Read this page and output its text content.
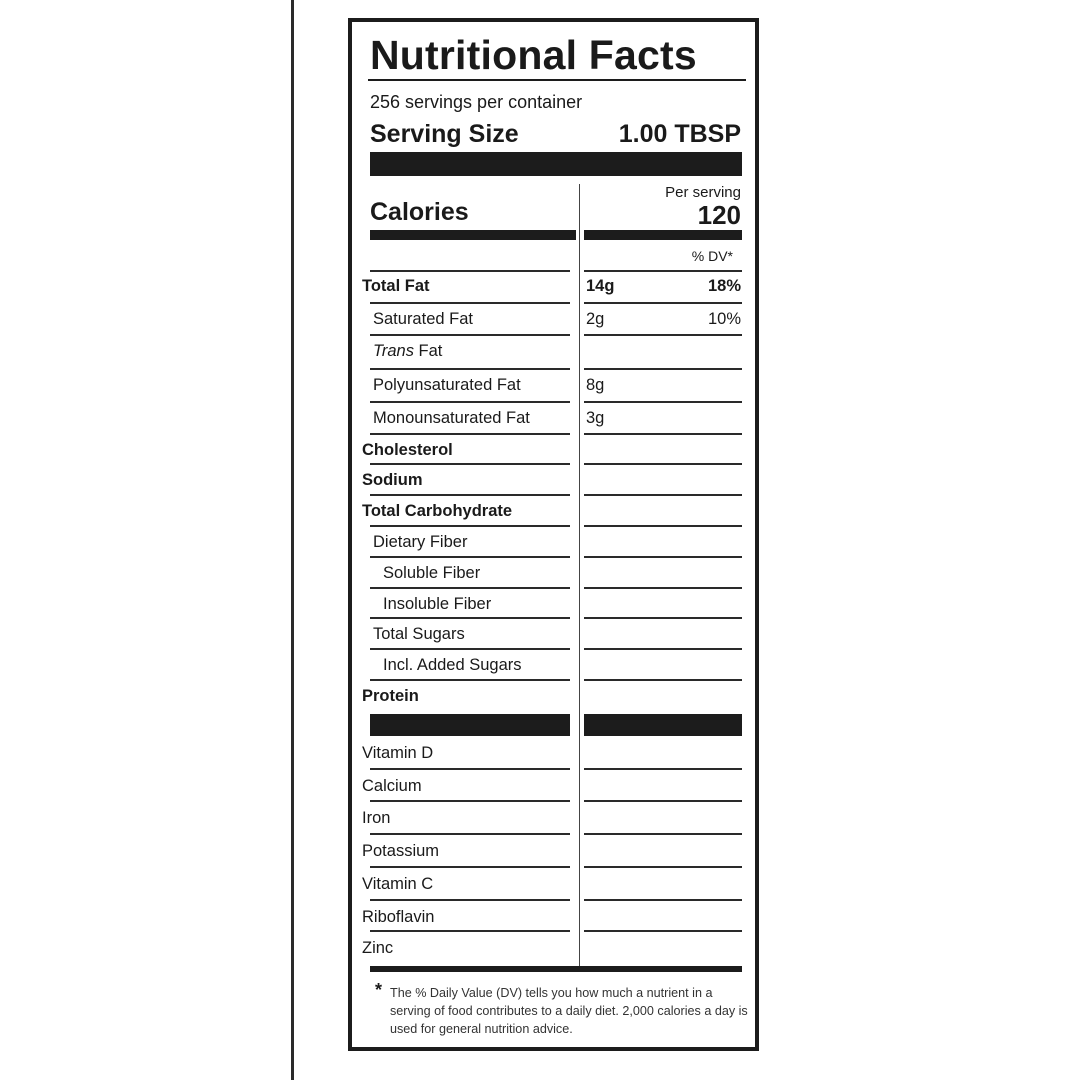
Nutritional Facts
256 servings per container
Serving Size	1.00 TBSP
Per serving
Calories	120
% DV*
Total Fat	14g	18%
Saturated Fat	2g	10%
Trans Fat
Polyunsaturated Fat	8g
Monounsaturated Fat	3g
Cholesterol
Sodium
Total Carbohydrate
Dietary Fiber
Soluble Fiber
Insoluble Fiber
Total Sugars
Incl. Added Sugars
Protein
Vitamin D
Calcium
Iron
Potassium
Vitamin C
Riboflavin
Zinc
* The % Daily Value (DV) tells you how much a nutrient in a serving of food contributes to a daily diet. 2,000 calories a day is used for general nutrition advice.
